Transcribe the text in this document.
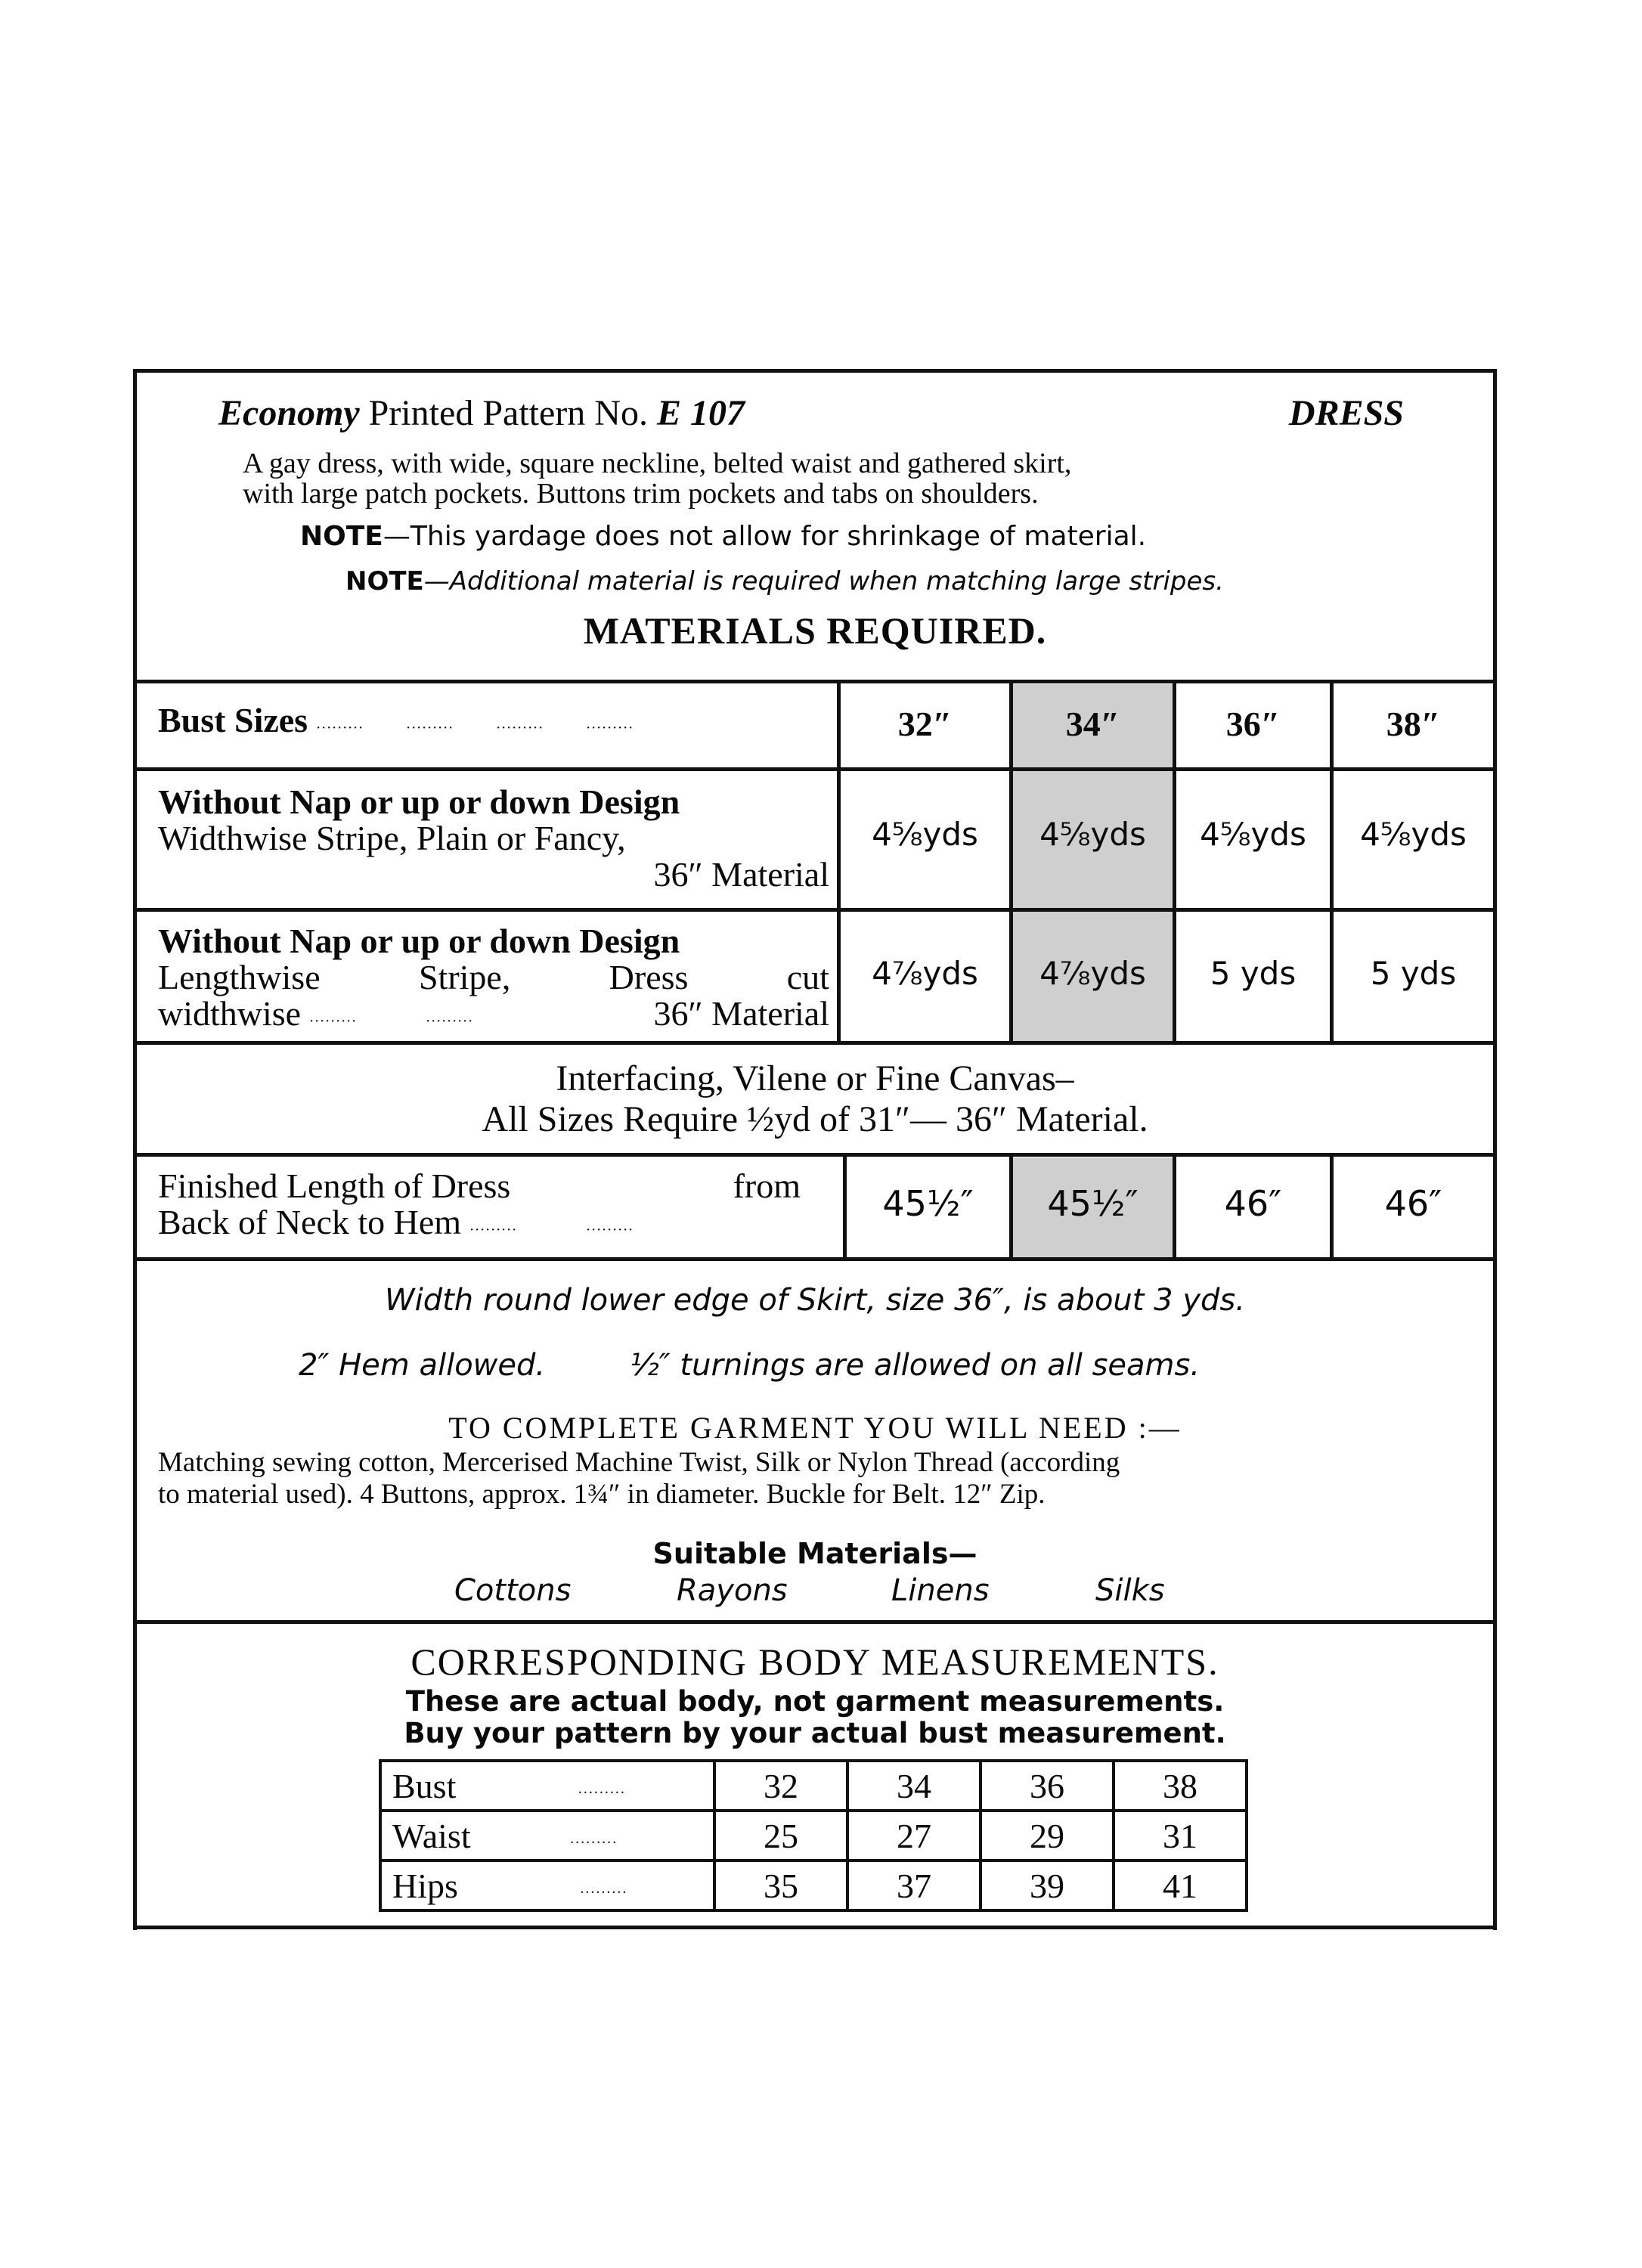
Economy Printed Pattern No. E 107	DRESS
A gay dress, with wide, square neckline, belted waist and gathered skirt,
with large patch pockets. Buttons trim pockets and tabs on shoulders.
NOTE—This yardage does not allow for shrinkage of material.
NOTE—Additional material is required when matching large stripes.
MATERIALS REQUIRED.
Bust Sizes .........        .........        .........        .........	32″	34″	36″	38″
Without Nap or up or down Design
Widthwise Stripe, Plain or Fancy,
36″ Material
4⅝yds	4⅝yds	4⅝yds	4⅝yds
Without Nap or up or down Design
Lengthwise	Stripe,	Dress	cut
widthwise .........             .........	36″ Material
4⅞yds	4⅞yds	5 yds	5 yds
Interfacing, Vilene or Fine Canvas–
All Sizes Require ½yd of 31″— 36″ Material.
Finished Length of Dress	from
Back of Neck to Hem .........             .........
45½″	45½″	46″	46″
Width round lower edge of Skirt, size 36″, is about 3 yds.
2″ Hem allowed.	½″ turnings are allowed on all seams.
TO COMPLETE GARMENT YOU WILL NEED :—
Matching sewing cotton, Mercerised Machine Twist, Silk or Nylon Thread (according
to material used). 4 Buttons, approx. 1¾″ in diameter. Buckle for Belt. 12″ Zip.
Suitable Materials—
Cottons	Rayons	Linens	Silks
CORRESPONDING BODY MEASUREMENTS.
These are actual body, not garment measurements.
Buy your pattern by your actual bust measurement.
Bust .........	32	34	36	38
Waist .........	25	27	29	31
Hips .........	35	37	39	41
